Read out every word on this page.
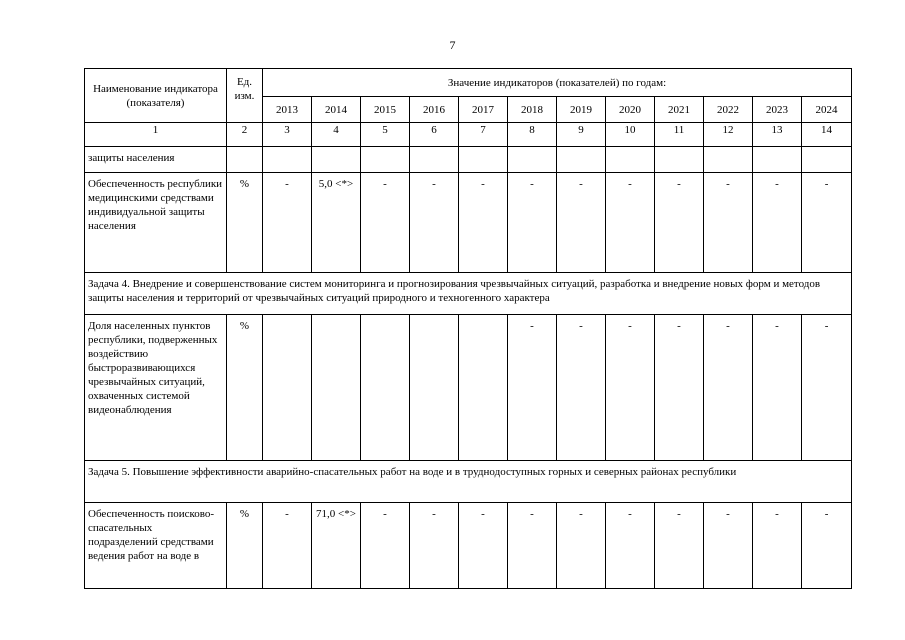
7
Наименование индикатора (показателя)	Ед. изм.	Значение индикаторов (показателей) по годам:											
		2013	2014	2015	2016	2017	2018	2019	2020	2021	2022	2023	2024
1	2	3	4	5	6	7	8	9	10	11	12	13	14
защиты населения													
Обеспеченность республики медицинскими средствами индивидуальной защиты населения	%	-	5,0 <*>	-	-	-	-	-	-	-	-	-	-
Задача 4. Внедрение и совершенствование систем мониторинга и прогнозирования чрезвычайных ситуаций, разработка и внедрение новых форм и методов защиты населения и территорий от чрезвычайных ситуаций природного и техногенного характера													
Доля населенных пунктов республики, подверженных воздействию быстроразвивающихся чрезвычайных ситуаций, охваченных системой видеонаблюдения	%						-	-	-	-	-	-	-
Задача 5. Повышение эффективности аварийно-спасательных работ на воде и в труднодоступных горных и северных районах республики													
Обеспеченность поисково- спасательных подразделений средствами ведения работ на воде в	%	-	71,0 <*>	-	-	-	-	-	-	-	-	-	-
